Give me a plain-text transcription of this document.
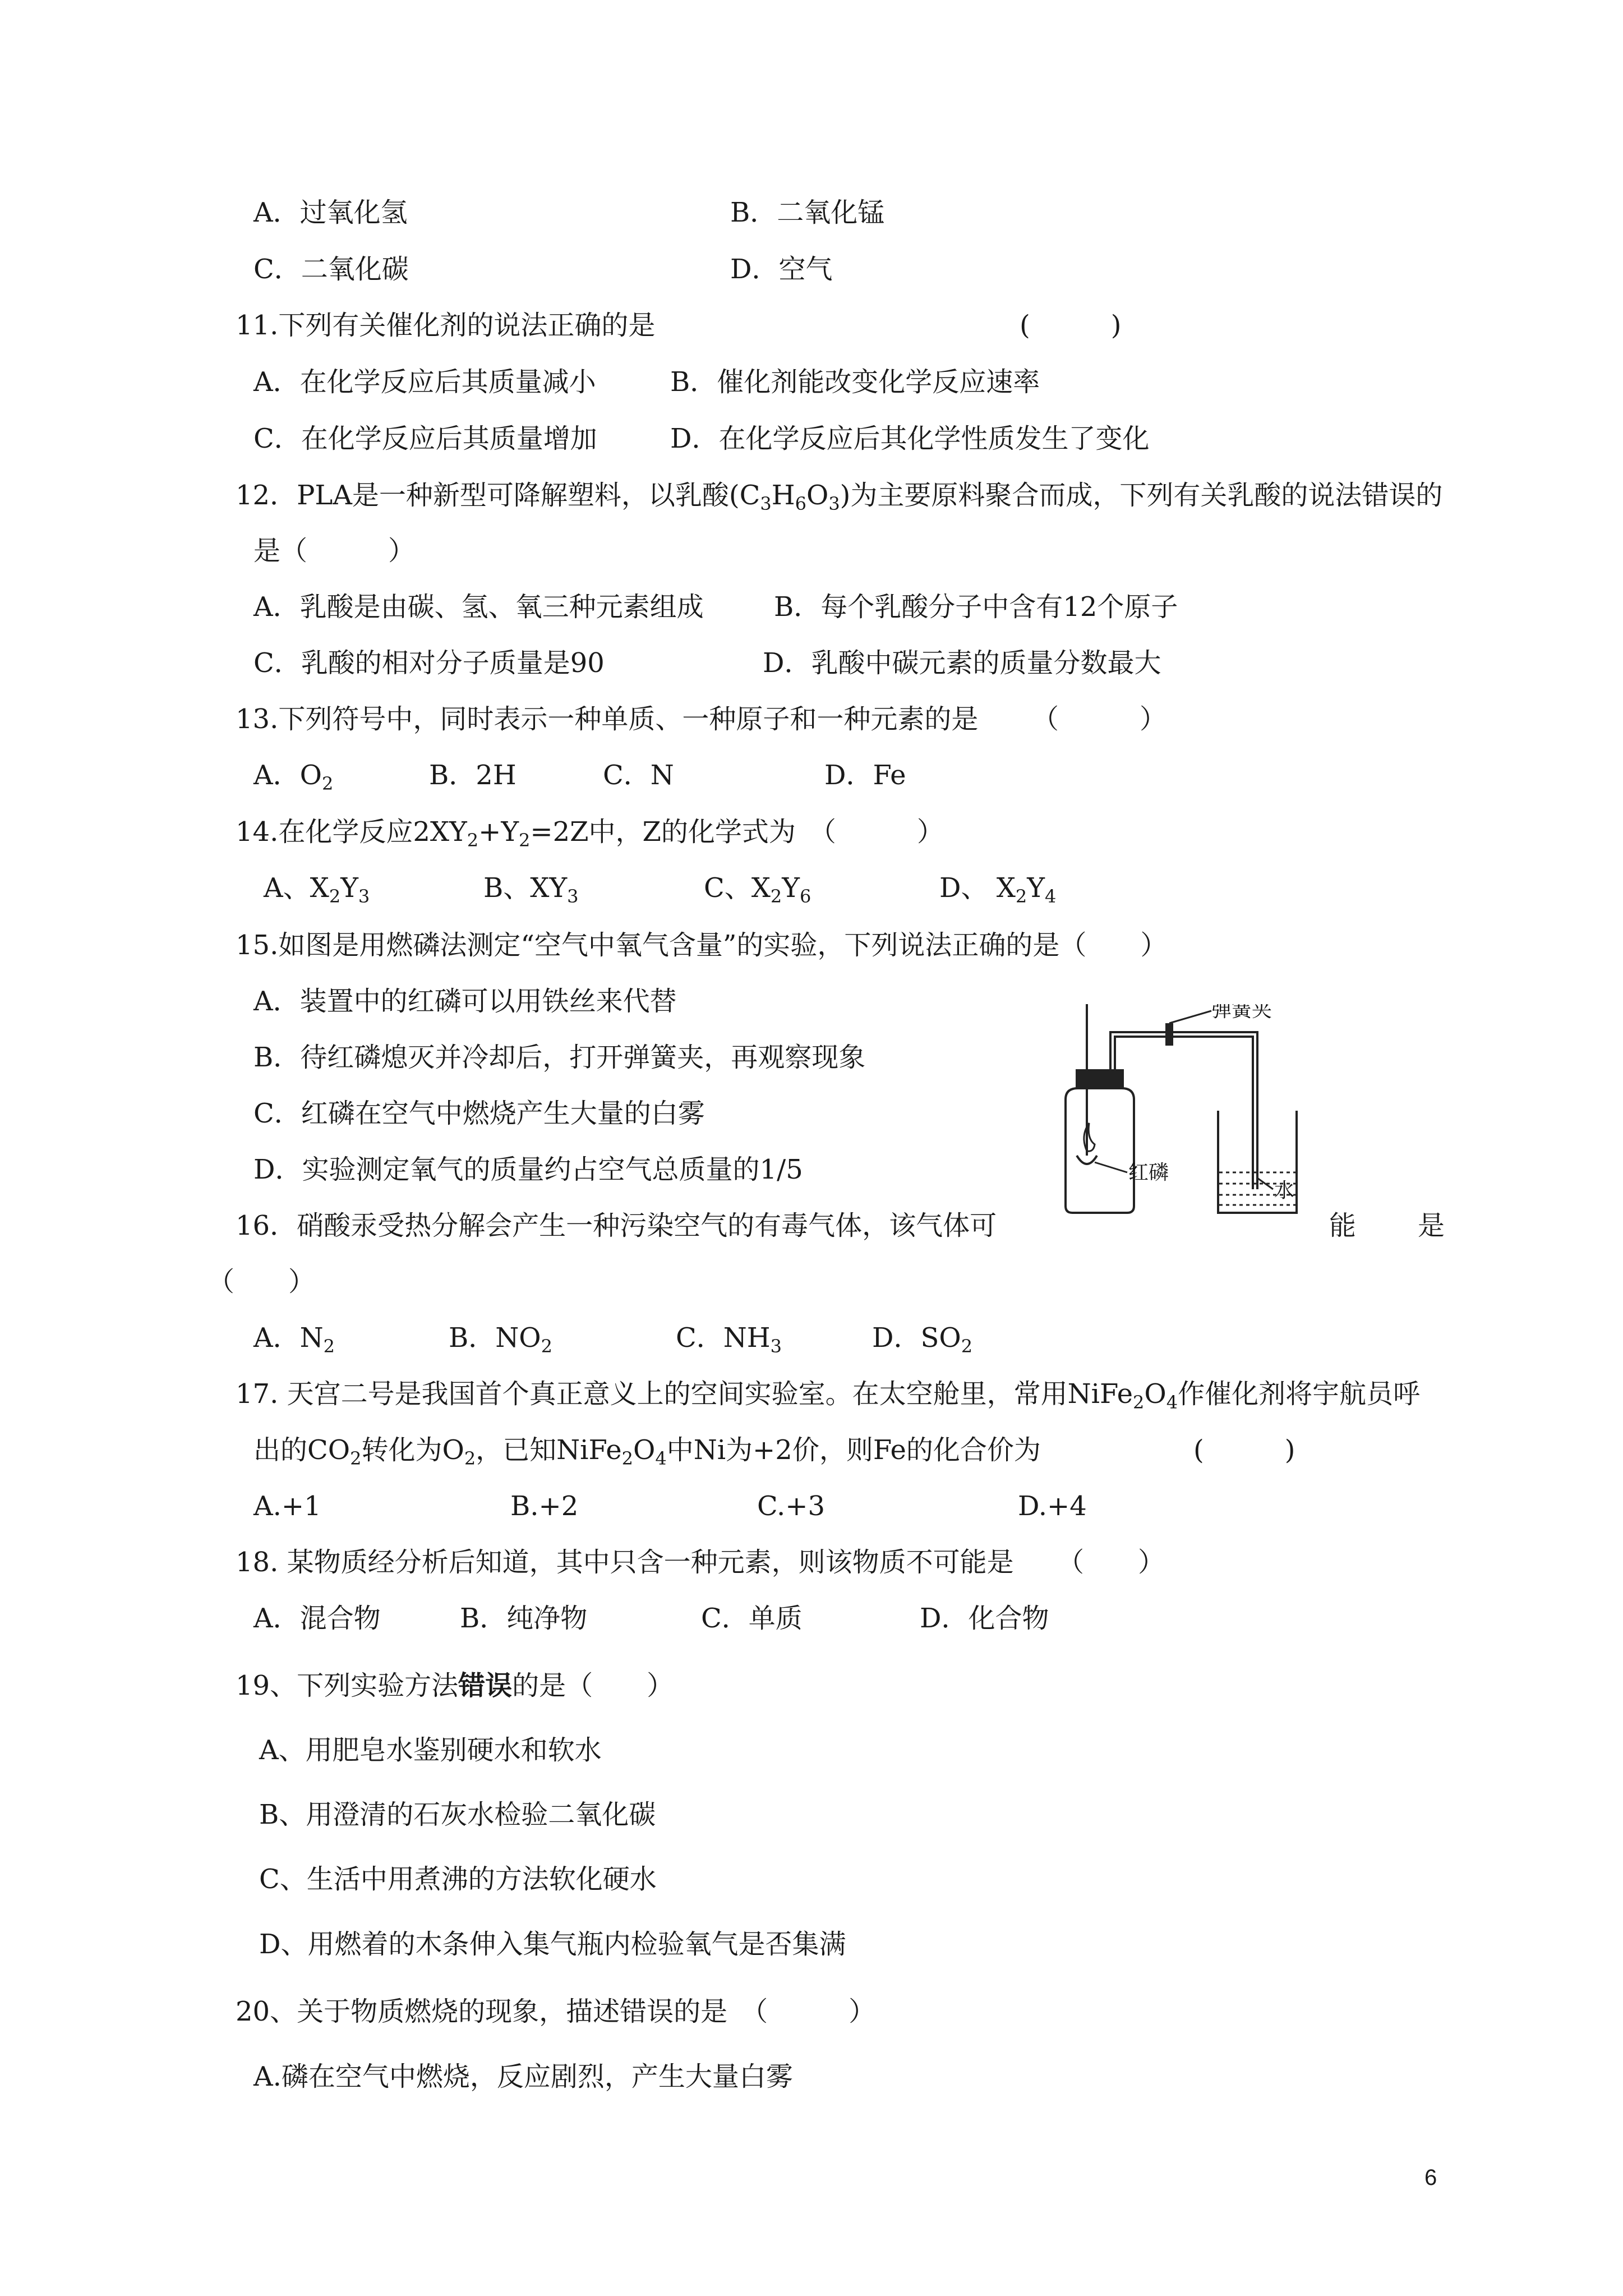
A．过氧化氢	B．二氧化锰
C．二氧化碳	D．空气
11.下列有关催化剂的说法正确的是	(　　　)
A．在化学反应后其质量减小	B．催化剂能改变化学反应速率
C．在化学反应后其质量增加	D．在化学反应后其化学性质发生了变化
12．PLA是一种新型可降解塑料，以乳酸$(C_3H_6O_3)$为主要原料聚合而成，下列有关乳酸的说法错误的
是（　　　）
A．乳酸是由碳、氢、氧三种元素组成	B．每个乳酸分子中含有12个原子
C．乳酸的相对分子质量是90	D．乳酸中碳元素的质量分数最大
13.下列符号中，同时表示一种单质、一种原子和一种元素的是 （　　　）
A．$O_2$	B．2H	C．N	D．Fe
14.在化学反应$2XY_2+Y_2=2Z$中，Z的化学式为　（　　　）
A、$X_2Y_3$	B、$XY_3$	C、$X_2Y_6$	D、 $X_2Y_4$
15.如图是用燃磷法测定“空气中氧气含量”的实验，下列说法正确的是（　　）
A．装置中的红磷可以用铁丝来代替
B．待红磷熄灭并冷却后，打开弹簧夹，再观察现象
C．红磷在空气中燃烧产生大量的白雾
D．实验测定氧气的质量约占空气总质量的1/5
弹簧夹
红磷
水
16．硝酸汞受热分解会产生一种污染空气的有毒气体，该气体可	能 是
（　　）
A．$N_2$	B．$NO_2$	C．$NH_3$	D．$SO_2$
17. 天宫二号是我国首个真正意义上的空间实验室。在太空舱里，常用$NiFe_2O_4$作催化剂将宇航员呼
出的$CO_2$转化为$O_2$，已知$NiFe_2O_4$中Ni为+2价，则Fe的化合价为	(　　　)
A.+1	B.+2	C.+3	D.+4
18. 某物质经分析后知道，其中只含一种元素，则该物质不可能是 （　　）
A．混合物	B．纯净物	C．单质	D．化合物
19、下列实验方法错误的是（　　）
A、用肥皂水鉴别硬水和软水
B、用澄清的石灰水检验二氧化碳
C、生活中用煮沸的方法软化硬水
D、用燃着的木条伸入集气瓶内检验氧气是否集满
20、关于物质燃烧的现象，描述错误的是　（　　　）
A.磷在空气中燃烧，反应剧烈，产生大量白雾
6
